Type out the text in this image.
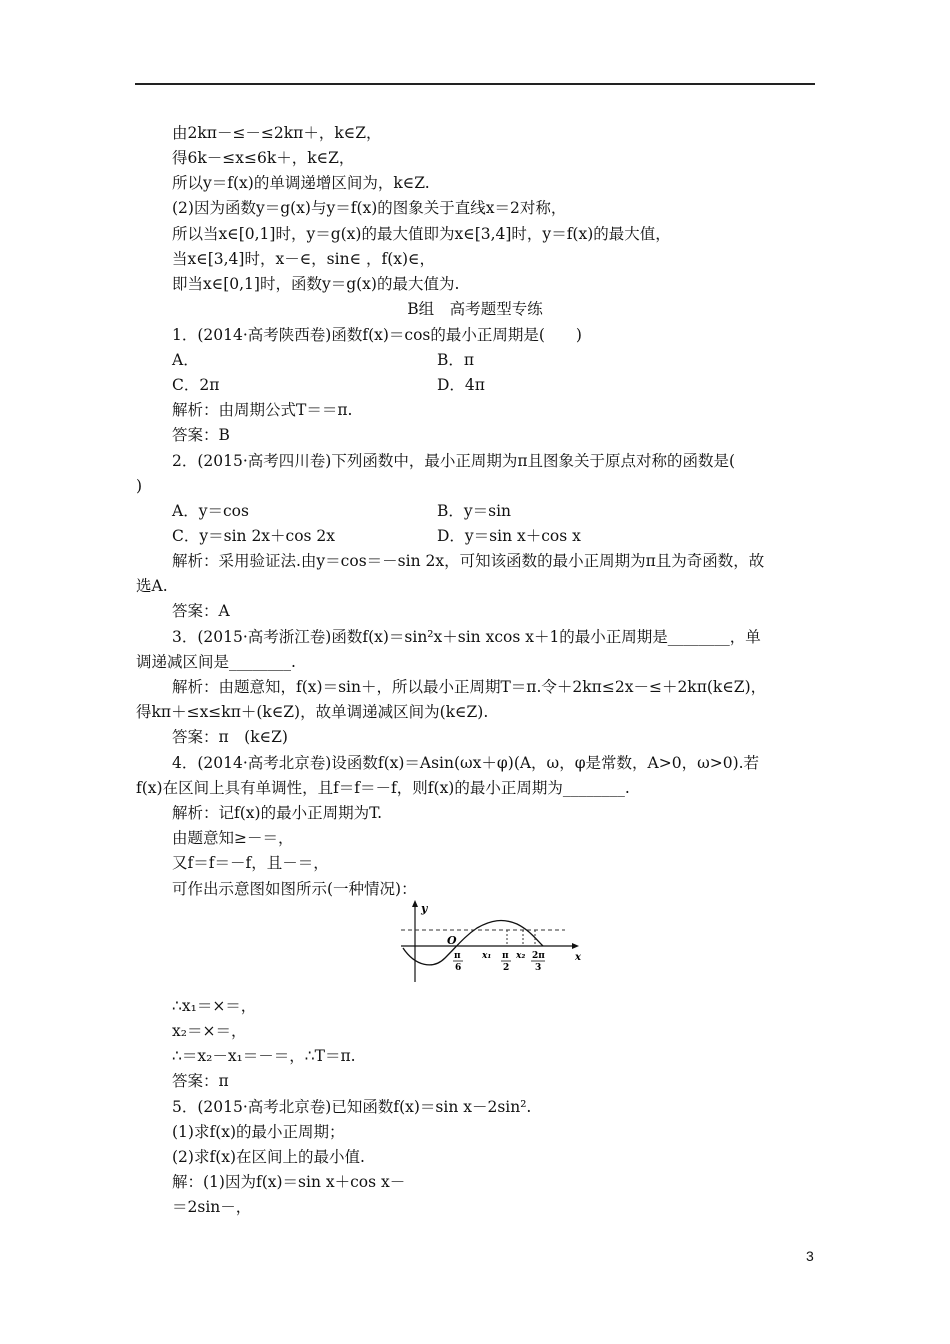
由2kπ－≤－≤2kπ＋，k∈Z，
得6k－≤x≤6k＋，k∈Z，
所以y＝f(x)的单调递增区间为，k∈Z.
(2)因为函数y＝g(x)与y＝f(x)的图象关于直线x＝2对称，
所以当x∈[0,1]时，y＝g(x)的最大值即为x∈[3,4]时，y＝f(x)的最大值，
当x∈[3,4]时，x－∈，sin∈ ，f(x)∈，
即当x∈[0,1]时，函数y＝g(x)的最大值为.
B组　高考题型专练
1．(2014·高考陕西卷)函数f(x)＝cos的最小正周期是(　　)
A．	B．π
C．2π	D．4π
解析：由周期公式T＝＝π.
答案：B
2．(2015·高考四川卷)下列函数中，最小正周期为π且图象关于原点对称的函数是(
)
A．y＝cos	B．y＝sin
C．y＝sin 2x＋cos 2x	D．y＝sin x＋cos x
解析：采用验证法.由y＝cos＝－sin 2x，可知该函数的最小正周期为π且为奇函数，故
选A.
答案：A
3．(2015·高考浙江卷)函数f(x)＝sin²x＋sin xcos x＋1的最小正周期是________，单
调递减区间是________.
解析：由题意知，f(x)＝sin＋，所以最小正周期T＝π.令＋2kπ≤2x－≤＋2kπ(k∈Z)，
得kπ＋≤x≤kπ＋(k∈Z)，故单调递减区间为(k∈Z).
答案：π　(k∈Z)
4．(2014·高考北京卷)设函数f(x)＝Asin(ωx＋φ)(A，ω，φ是常数，A>0，ω>0).若
f(x)在区间上具有单调性，且f＝f＝－f，则f(x)的最小正周期为________.
解析：记f(x)的最小正周期为T.
由题意知≥－＝，
又f＝f＝－f，且－＝，
可作出示意图如图所示(一种情况)：
y
x
O
π
6
x₁ π
2
x₂ 2π
3
∴x₁＝×＝，
x₂＝×＝，
∴＝x₂－x₁＝－＝，∴T＝π.
答案：π
5．(2015·高考北京卷)已知函数f(x)＝sin x－2sin².
(1)求f(x)的最小正周期；
(2)求f(x)在区间上的最小值.
解：(1)因为f(x)＝sin x＋cos x－
＝2sin－，
3
